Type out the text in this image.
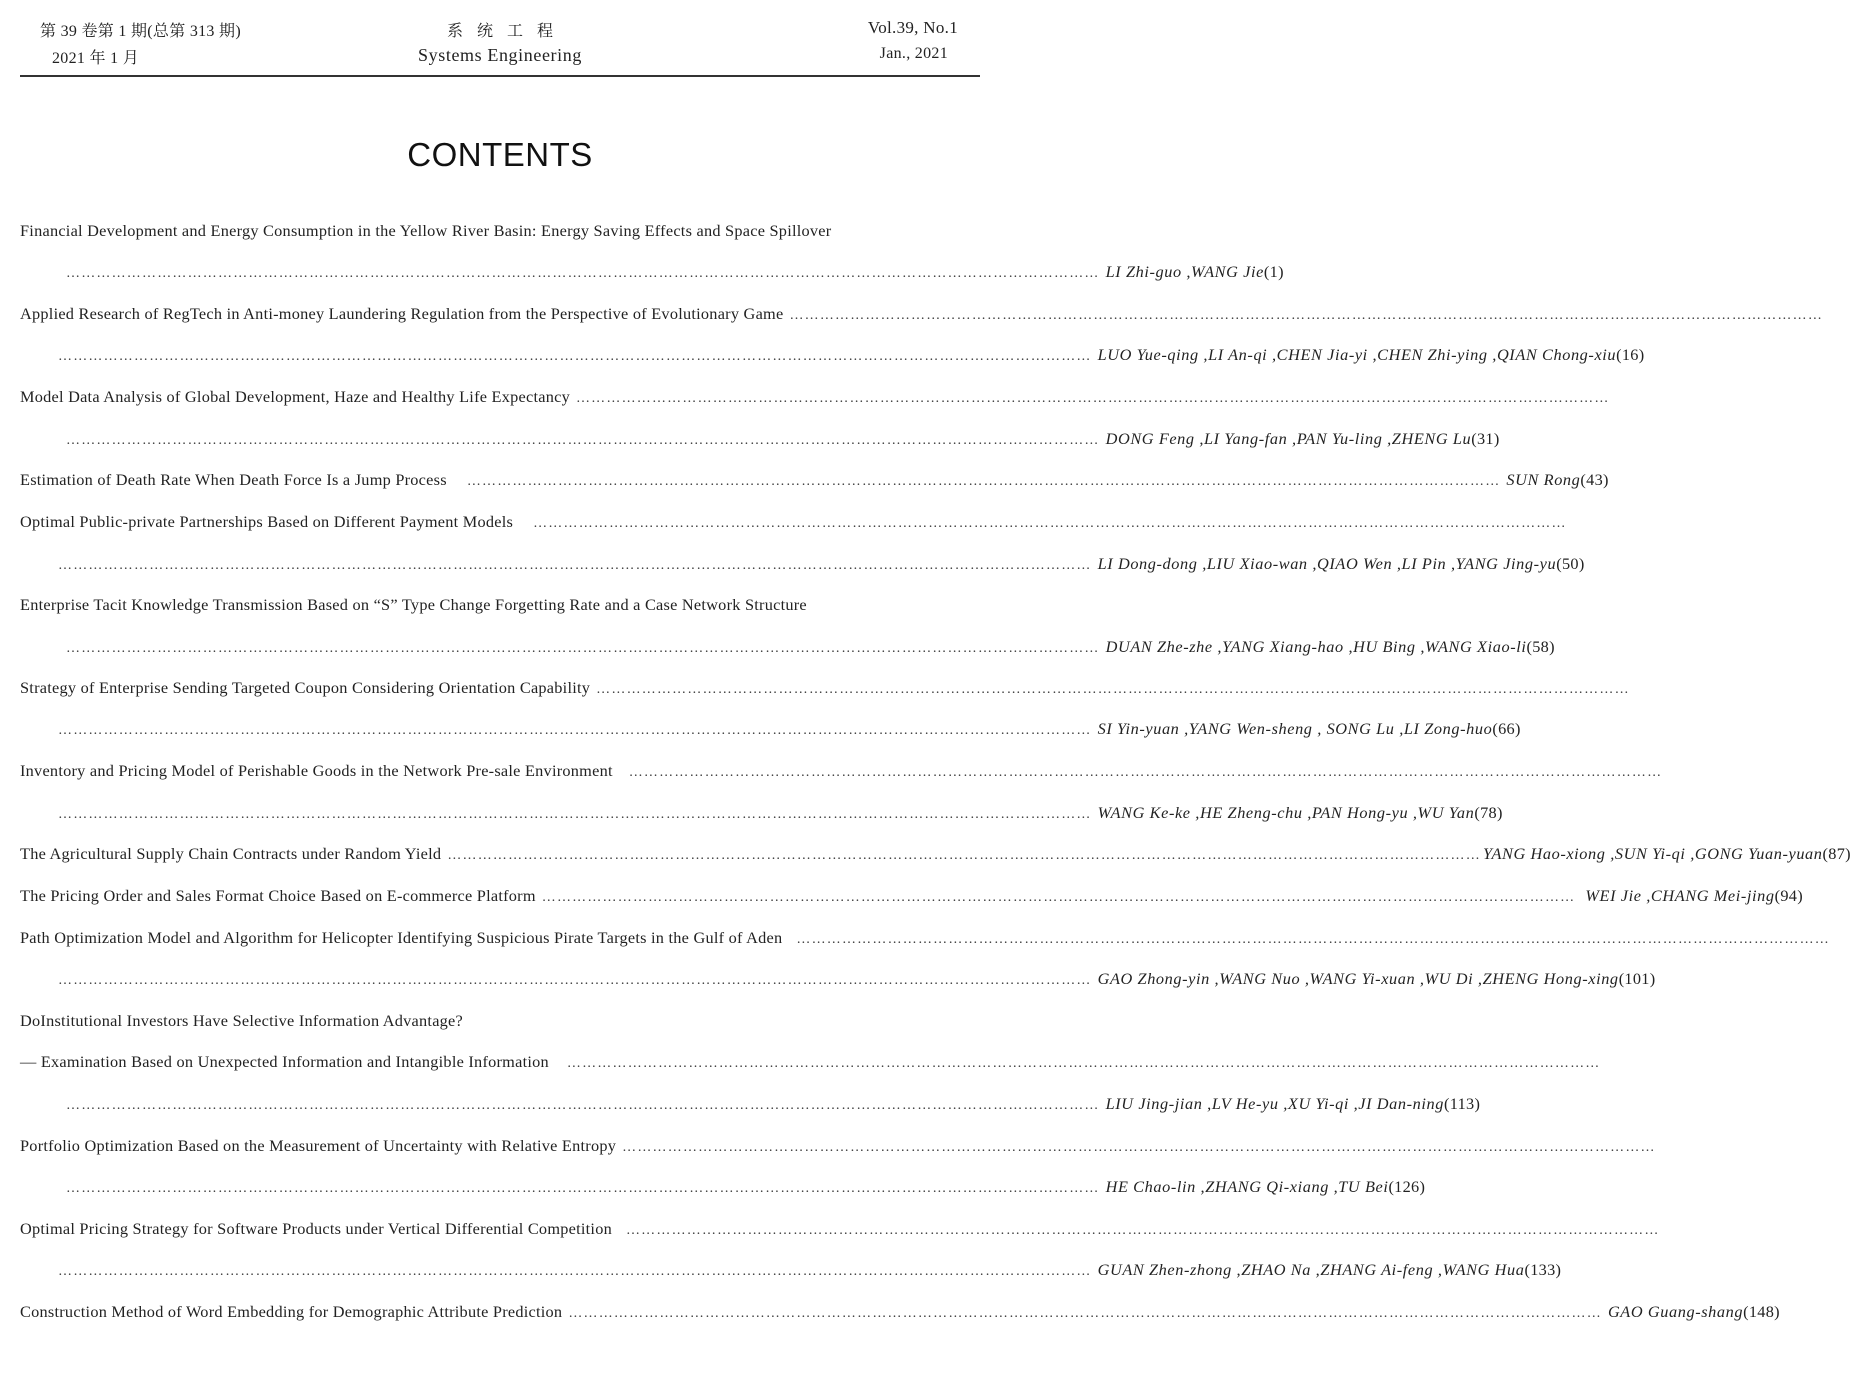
第 39 卷第 1 期(总第 313 期)
2021 年 1 月
系统工程
Systems Engineering
Vol.39, No.1
Jan., 2021
CONTENTS
Financial Development and Energy Consumption in the Yellow River Basin: Energy Saving Effects and Space Spillover
…………………………………………………………………………………………………………………………………………………………………………………… LI Zhi-guo ,WANG Jie (1)
Applied Research of RegTech in Anti-money Laundering Regulation from the Perspective of Evolutionary Game ……………………………………………………………………………………………………………………………………………………………………………………
…………………………………………………………………………………………………………………………………………………………………………………… LUO Yue-qing ,LI An-qi ,CHEN Jia-yi ,CHEN Zhi-ying ,QIAN Chong-xiu (16)
Model Data Analysis of Global Development, Haze and Healthy Life Expectancy ……………………………………………………………………………………………………………………………………………………………………………………
…………………………………………………………………………………………………………………………………………………………………………………… DONG Feng ,LI Yang-fan ,PAN Yu-ling ,ZHENG Lu (31)
Estimation of Death Rate When Death Force Is a Jump Process …………………………………………………………………………………………………………………………………………………………………………………… SUN Rong (43)
Optimal Public-private Partnerships Based on Different Payment Models ……………………………………………………………………………………………………………………………………………………………………………………
…………………………………………………………………………………………………………………………………………………………………………………… LI Dong-dong ,LIU Xiao-wan ,QIAO Wen ,LI Pin ,YANG Jing-yu (50)
Enterprise Tacit Knowledge Transmission Based on “S” Type Change Forgetting Rate and a Case Network Structure
…………………………………………………………………………………………………………………………………………………………………………………… DUAN Zhe-zhe ,YANG Xiang-hao ,HU Bing ,WANG Xiao-li (58)
Strategy of Enterprise Sending Targeted Coupon Considering Orientation Capability ……………………………………………………………………………………………………………………………………………………………………………………
…………………………………………………………………………………………………………………………………………………………………………………… SI Yin-yuan ,YANG Wen-sheng , SONG Lu ,LI Zong-huo (66)
Inventory and Pricing Model of Perishable Goods in the Network Pre-sale Environment ……………………………………………………………………………………………………………………………………………………………………………………
…………………………………………………………………………………………………………………………………………………………………………………… WANG Ke-ke ,HE Zheng-chu ,PAN Hong-yu ,WU Yan (78)
The Agricultural Supply Chain Contracts under Random Yield …………………………………………………………………………………………………………………………………………………………………………………… YANG Hao-xiong ,SUN Yi-qi ,GONG Yuan-yuan (87)
The Pricing Order and Sales Format Choice Based on E-commerce Platform …………………………………………………………………………………………………………………………………………………………………………………… WEI Jie ,CHANG Mei-jing (94)
Path Optimization Model and Algorithm for Helicopter Identifying Suspicious Pirate Targets in the Gulf of Aden ……………………………………………………………………………………………………………………………………………………………………………………
…………………………………………………………………………………………………………………………………………………………………………………… GAO Zhong-yin ,WANG Nuo ,WANG Yi-xuan ,WU Di ,ZHENG Hong-xing (101)
DoInstitutional Investors Have Selective Information Advantage?
— Examination Based on Unexpected Information and Intangible Information ……………………………………………………………………………………………………………………………………………………………………………………
…………………………………………………………………………………………………………………………………………………………………………………… LIU Jing-jian ,LV He-yu ,XU Yi-qi ,JI Dan-ning (113)
Portfolio Optimization Based on the Measurement of Uncertainty with Relative Entropy ……………………………………………………………………………………………………………………………………………………………………………………
…………………………………………………………………………………………………………………………………………………………………………………… HE Chao-lin ,ZHANG Qi-xiang ,TU Bei (126)
Optimal Pricing Strategy for Software Products under Vertical Differential Competition ……………………………………………………………………………………………………………………………………………………………………………………
…………………………………………………………………………………………………………………………………………………………………………………… GUAN Zhen-zhong ,ZHAO Na ,ZHANG Ai-feng ,WANG Hua (133)
Construction Method of Word Embedding for Demographic Attribute Prediction …………………………………………………………………………………………………………………………………………………………………………………… GAO Guang-shang (148)
